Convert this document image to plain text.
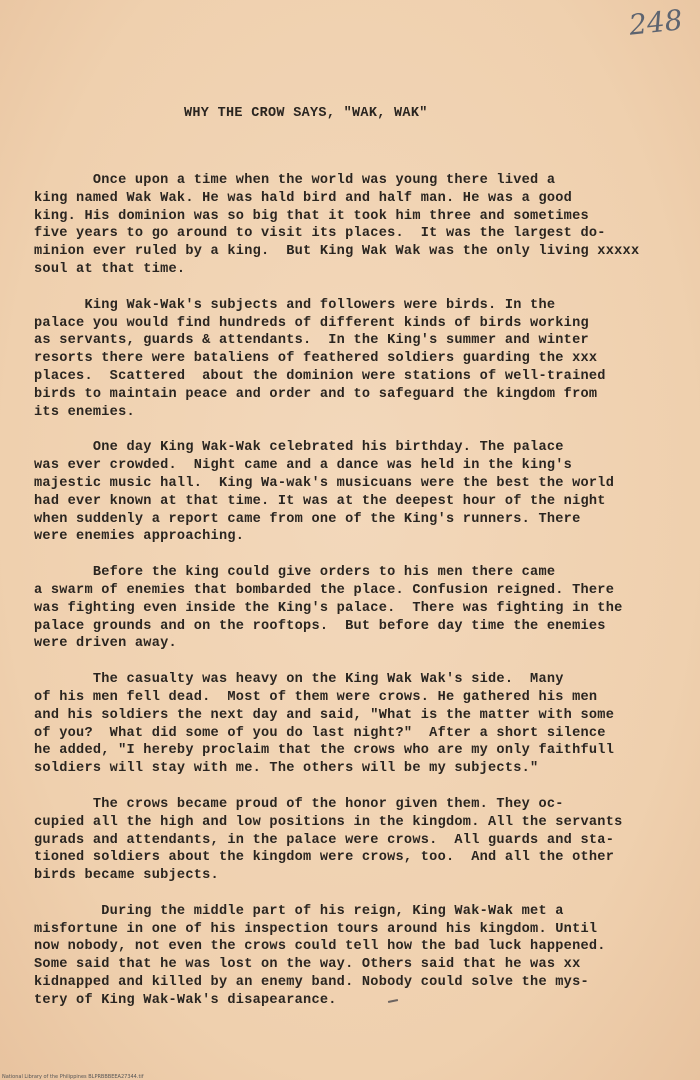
248
WHY THE CROW SAYS, "WAK, WAK"
Once upon a time when the world was young there lived a
king named Wak Wak. He was hald bird and half man. He was a good
king. His dominion was so big that it took him three and sometimes
five years to go around to visit its places.  It was the largest do-
minion ever ruled by a king.  But King Wak Wak was the only living xxxxx
soul at that time.
King Wak-Wak's subjects and followers were birds. In the
palace you would find hundreds of different kinds of birds working
as servants, guards & attendants.  In the King's summer and winter
resorts there were bataliens of feathered soldiers guarding the xxx
places.  Scattered  about the dominion were stations of well-trained
birds to maintain peace and order and to safeguard the kingdom from
its enemies.
One day King Wak-Wak celebrated his birthday. The palace
was ever crowded.  Night came and a dance was held in the king's
majestic music hall.  King Wa-wak's musicuans were the best the world
had ever known at that time. It was at the deepest hour of the night
when suddenly a report came from one of the King's runners. There
were enemies approaching.
Before the king could give orders to his men there came
a swarm of enemies that bombarded the place. Confusion reigned. There
was fighting even inside the King's palace.  There was fighting in the
palace grounds and on the rooftops.  But before day time the enemies
were driven away.
The casualty was heavy on the King Wak Wak's side.  Many
of his men fell dead.  Most of them were crows. He gathered his men
and his soldiers the next day and said, "What is the matter with some
of you?  What did some of you do last night?"  After a short silence
he added, "I hereby proclaim that the crows who are my only faithfull
soldiers will stay with me. The others will be my subjects."
The crows became proud of the honor given them. They oc-
cupied all the high and low positions in the kingdom. All the servants
gurads and attendants, in the palace were crows.  All guards and sta-
tioned soldiers about the kingdom were crows, too.  And all the other
birds became subjects.
During the middle part of his reign, King Wak-Wak met a
misfortune in one of his inspection tours around his kingdom. Until
now nobody, not even the crows could tell how the bad luck happened.
Some said that he was lost on the way. Others said that he was xx
kidnapped and killed by an enemy band. Nobody could solve the mys-
tery of King Wak-Wak's disapearance.
National Library of the Philippines BLPRBBBEEA27344.tif
